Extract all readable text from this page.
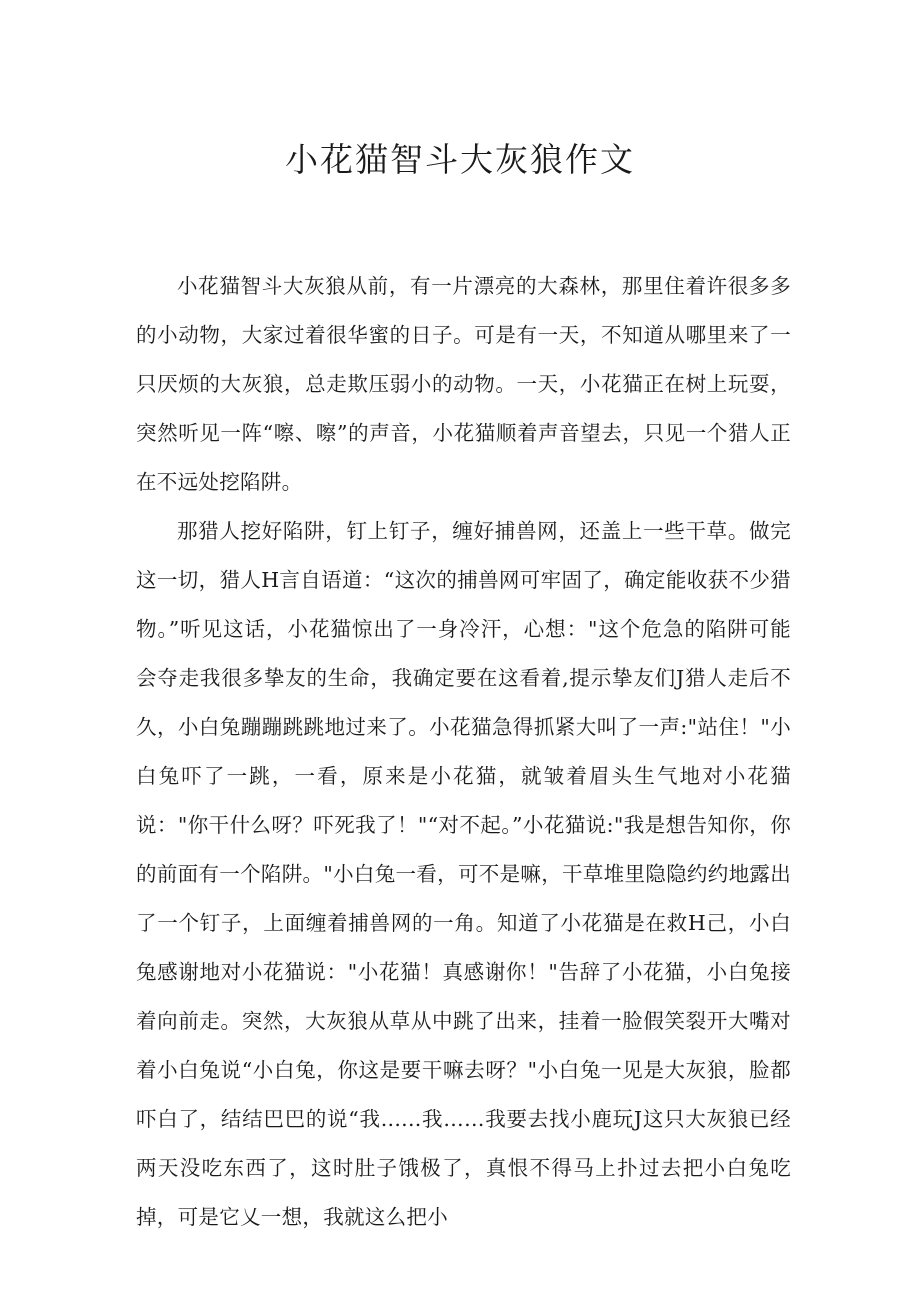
小花猫智斗大灰狼作文

小花猫智斗大灰狼从前，有一片漂亮的大森林，那里住着许很多多的小动物，大家过着很华蜜的日子。可是有一天，不知道从哪里来了一只厌烦的大灰狼，总走欺压弱小的动物。一天，小花猫正在树上玩耍，突然听见一阵“嚓、嚓”的声音，小花猫顺着声音望去，只见一个猎人正在不远处挖陷阱。

那猎人挖好陷阱，钉上钉子，缠好捕兽网，还盖上一些干草。做完这一切，猎人H言自语道：“这次的捕兽网可牢固了，确定能收获不少猎物。”听见这话，小花猫惊出了一身冷汗，心想："这个危急的陷阱可能会夺走我很多挚友的生命，我确定要在这看着,提示挚友们J猎人走后不久，小白兔蹦蹦跳跳地过来了。小花猫急得抓紧大叫了一声:"站住！"小白兔吓了一跳，一看，原来是小花猫，就皱着眉头生气地对小花猫说："你干什么呀？吓死我了！"“对不起。”小花猫说:"我是想告知你，你的前面有一个陷阱。"小白兔一看，可不是嘛，干草堆里隐隐约约地露出了一个钉子，上面缠着捕兽网的一角。知道了小花猫是在救H己，小白兔感谢地对小花猫说："小花猫！真感谢你！"告辞了小花猫，小白兔接着向前走。突然，大灰狼从草从中跳了出来，挂着一脸假笑裂开大嘴对着小白兔说“小白兔，你这是要干嘛去呀？"小白兔一见是大灰狼，脸都吓白了，结结巴巴的说“我......我……我要去找小鹿玩J这只大灰狼已经两天没吃东西了，这时肚子饿极了，真恨不得马上扑过去把小白兔吃掉，可是它乂一想，我就这么把小
